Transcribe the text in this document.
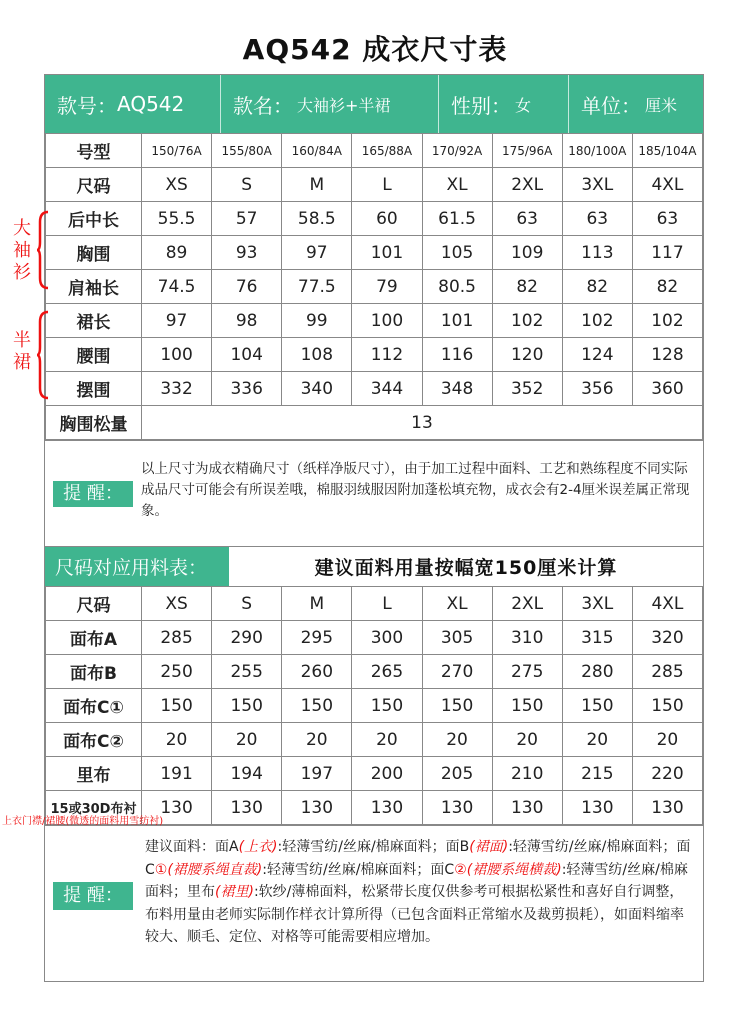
AQ542 成衣尺寸表
款号： AQ542 款名： 大袖衫+半裙	性别： 女 单位： 厘米
号型	150/76A	155/80A	160/84A	165/88A	170/92A	175/96A	180/100A	185/104A
尺码	XS	S	M	L	XL	2XL	3XL	4XL
后中长	55.5	57	58.5	60	61.5	63	63	63
胸围	89	93	97	101	105	109	113	117
肩袖长	74.5	76	77.5	79	80.5	82	82	82
裙长	97	98	99	100	101	102	102	102
腰围	100	104	108	112	116	120	124	128
摆围	332	336	340	344	348	352	356	360
胸围松量	13							
提 醒：
以上尺寸为成衣精确尺寸（纸样净版尺寸），由于加工过程中面料、工艺和熟练程度不同实际成品尺寸可能会有所误差哦，棉服羽绒服因附加蓬松填充物，成衣会有2-4厘米误差属正常现象。
尺码对应用料表：	建议面料用量按幅宽150厘米计算
尺码	XS	S	M	L	XL	2XL	3XL	4XL
面布A	285	290	295	300	305	310	315	320
面布B	250	255	260	265	270	275	280	285
面布C①	150	150	150	150	150	150	150	150
面布C②	20	20	20	20	20	20	20	20
里布	191	194	197	200	205	210	215	220
15或30D布衬	130	130	130	130	130	130	130	130
提 醒：
建议面料：面A(上衣):轻薄雪纺/丝麻/棉麻面料；面B(裙面):轻薄雪纺/丝麻/棉麻面料；面C①(裙腰系绳直裁):轻薄雪纺/丝麻/棉麻面料；面C②(裙腰系绳横裁):轻薄雪纺/丝麻/棉麻面料；里布(裙里):软纱/薄棉面料，松紧带长度仅供参考可根据松紧性和喜好自行调整，布料用量由老师实际制作样衣计算所得（已包含面料正常缩水及裁剪损耗），如面料缩率较大、顺毛、定位、对格等可能需要相应增加。
大袖衫
半裙
上衣门襟/裙腰(微透的面料用雪纺衬)
